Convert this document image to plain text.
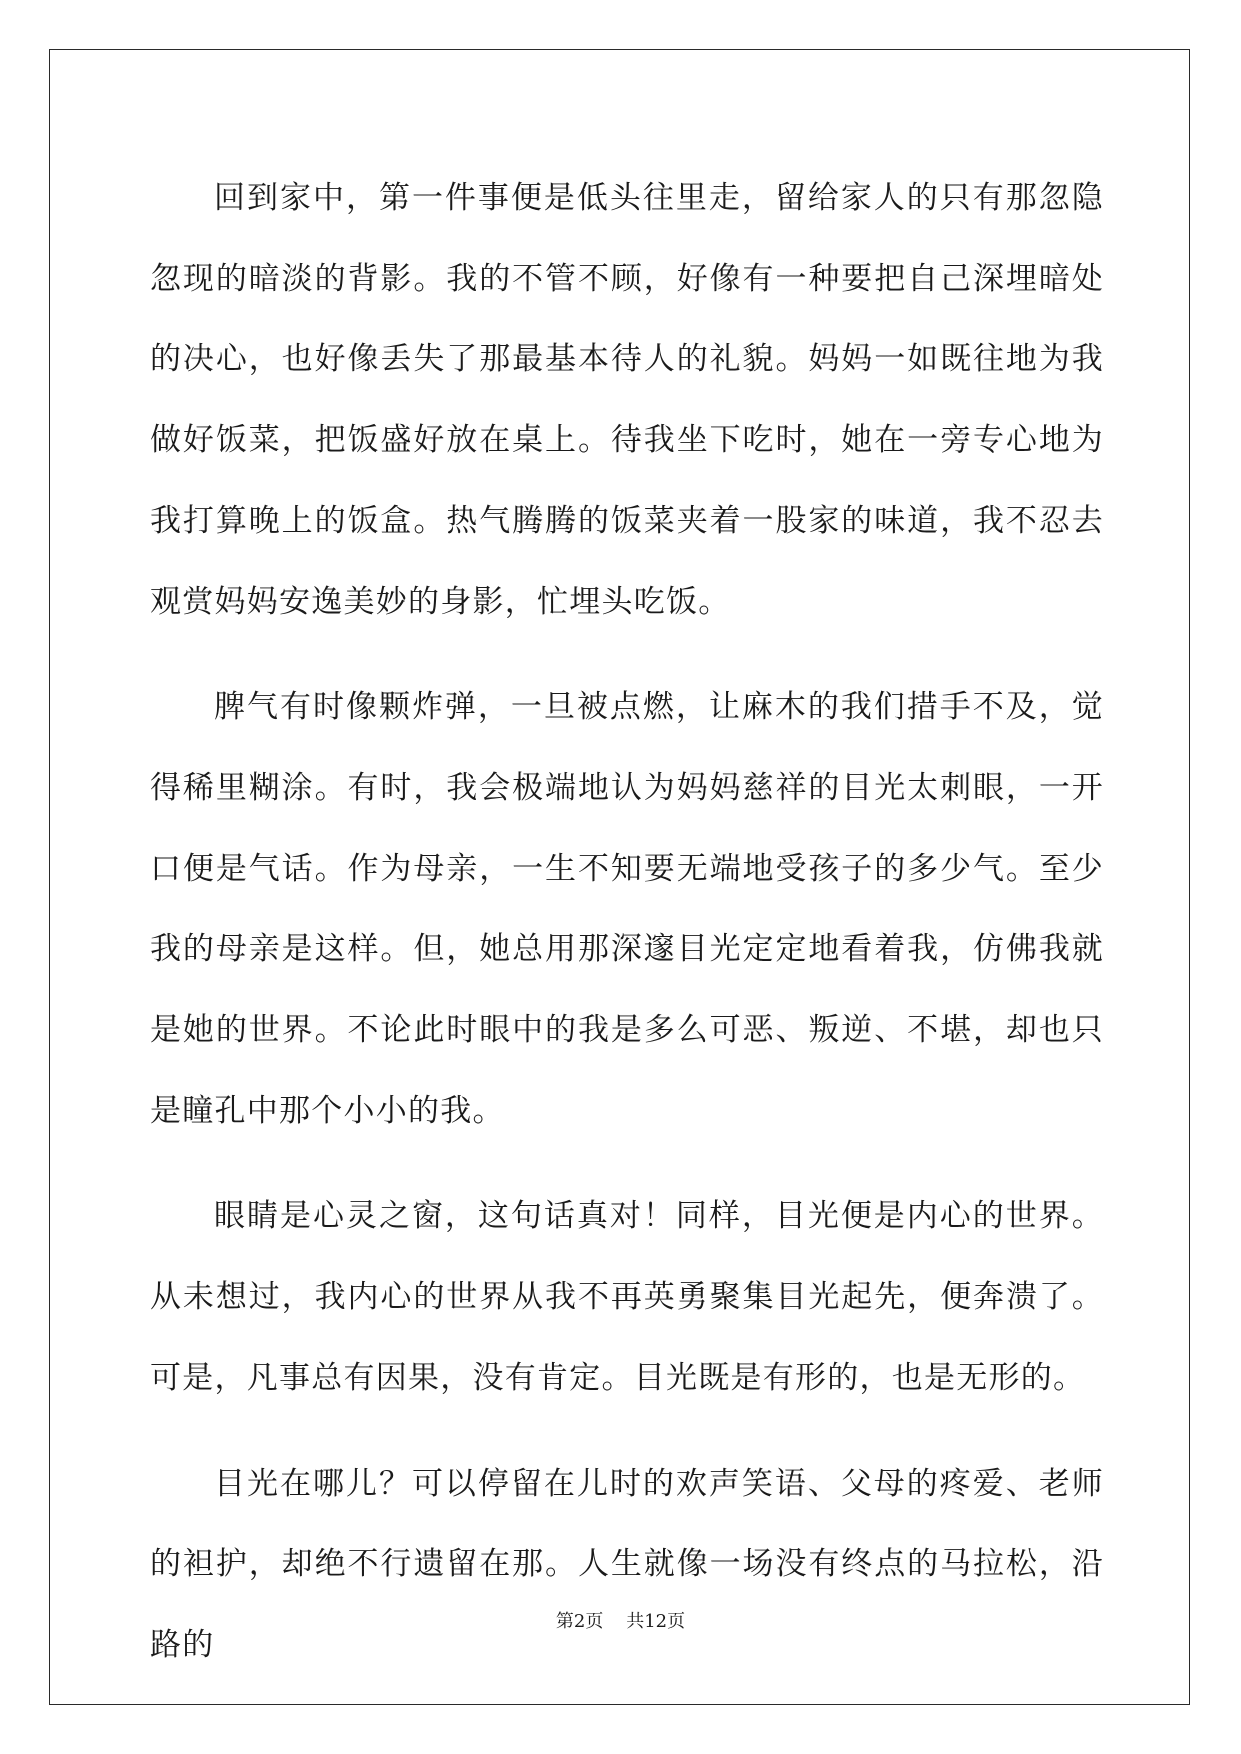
回到家中，第一件事便是低头往里走，留给家人的只有那忽隐忽现的暗淡的背影。我的不管不顾，好像有一种要把自己深埋暗处的决心，也好像丢失了那最基本待人的礼貌。妈妈一如既往地为我做好饭菜，把饭盛好放在桌上。待我坐下吃时，她在一旁专心地为我打算晚上的饭盒。热气腾腾的饭菜夹着一股家的味道，我不忍去观赏妈妈安逸美妙的身影，忙埋头吃饭。

脾气有时像颗炸弹，一旦被点燃，让麻木的我们措手不及，觉得稀里糊涂。有时，我会极端地认为妈妈慈祥的目光太刺眼，一开口便是气话。作为母亲，一生不知要无端地受孩子的多少气。至少我的母亲是这样。但，她总用那深邃目光定定地看着我，仿佛我就是她的世界。不论此时眼中的我是多么可恶、叛逆、不堪，却也只是瞳孔中那个小小的我。

眼睛是心灵之窗，这句话真对！同样，目光便是内心的世界。从未想过，我内心的世界从我不再英勇聚集目光起先，便奔溃了。可是，凡事总有因果，没有肯定。目光既是有形的，也是无形的。

目光在哪儿？可以停留在儿时的欢声笑语、父母的疼爱、老师的袒护，却绝不行遗留在那。人生就像一场没有终点的马拉松，沿路的

第2页 共12页
